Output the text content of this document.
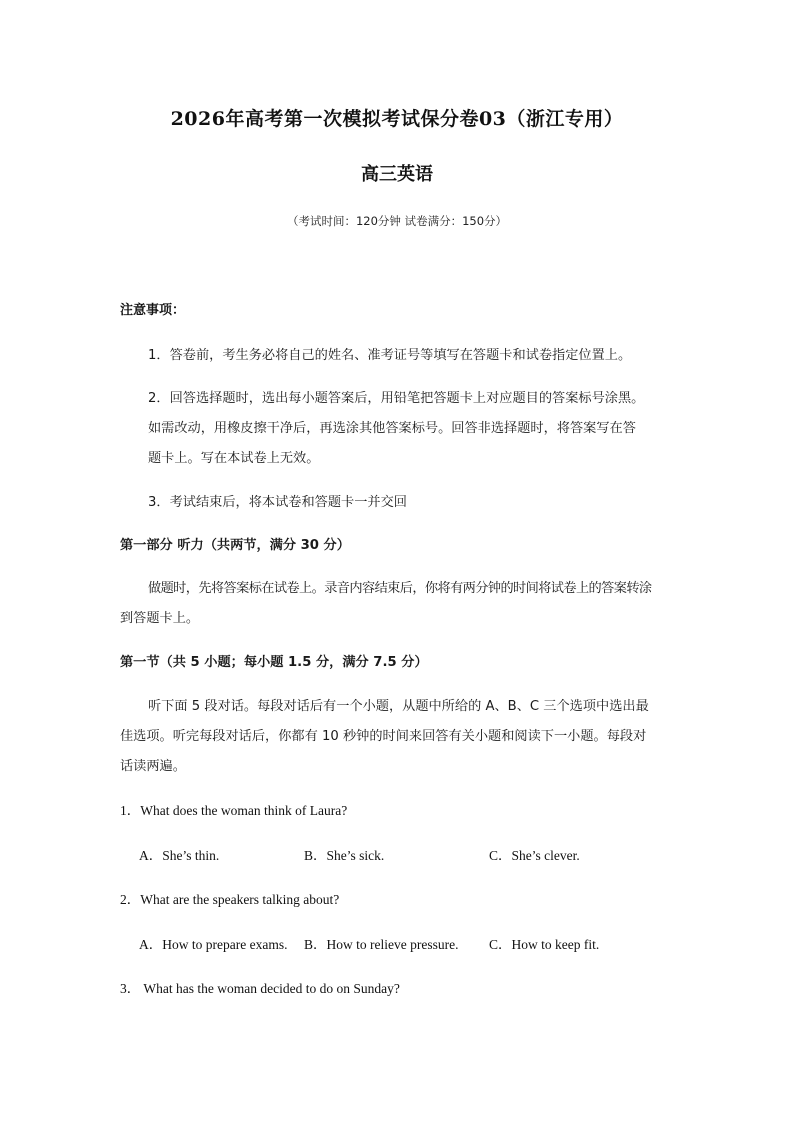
2026年高考第一次模拟考试保分卷03（浙江专用）
高三英语
（考试时间：120分钟 试卷满分：150分）
注意事项：
1．答卷前，考生务必将自己的姓名、准考证号等填写在答题卡和试卷指定位置上。
2．回答选择题时，选出每小题答案后，用铅笔把答题卡上对应题目的答案标号涂黑。
如需改动，用橡皮擦干净后，再选涂其他答案标号。回答非选择题时，将答案写在答
题卡上。写在本试卷上无效。
3．考试结束后，将本试卷和答题卡一并交回
第一部分 听力（共两节，满分 30 分）
做题时，先将答案标在试卷上。录音内容结束后，你将有两分钟的时间将试卷上的答案转涂
到答题卡上。
第一节（共 5 小题；每小题 1.5 分，满分 7.5 分）
听下面 5 段对话。每段对话后有一个小题，从题中所给的 A、B、C 三个选项中选出最
佳选项。听完每段对话后，你都有 10 秒钟的时间来回答有关小题和阅读下一小题。每段对
话读两遍。
1．What does the woman think of Laura?
A．She’s thin.	B．She’s sick.	C．She’s clever.
2．What are the speakers talking about?
A．How to prepare exams. B．How to relieve pressure. C．How to keep fit.
3． What has the woman decided to do on Sunday?
